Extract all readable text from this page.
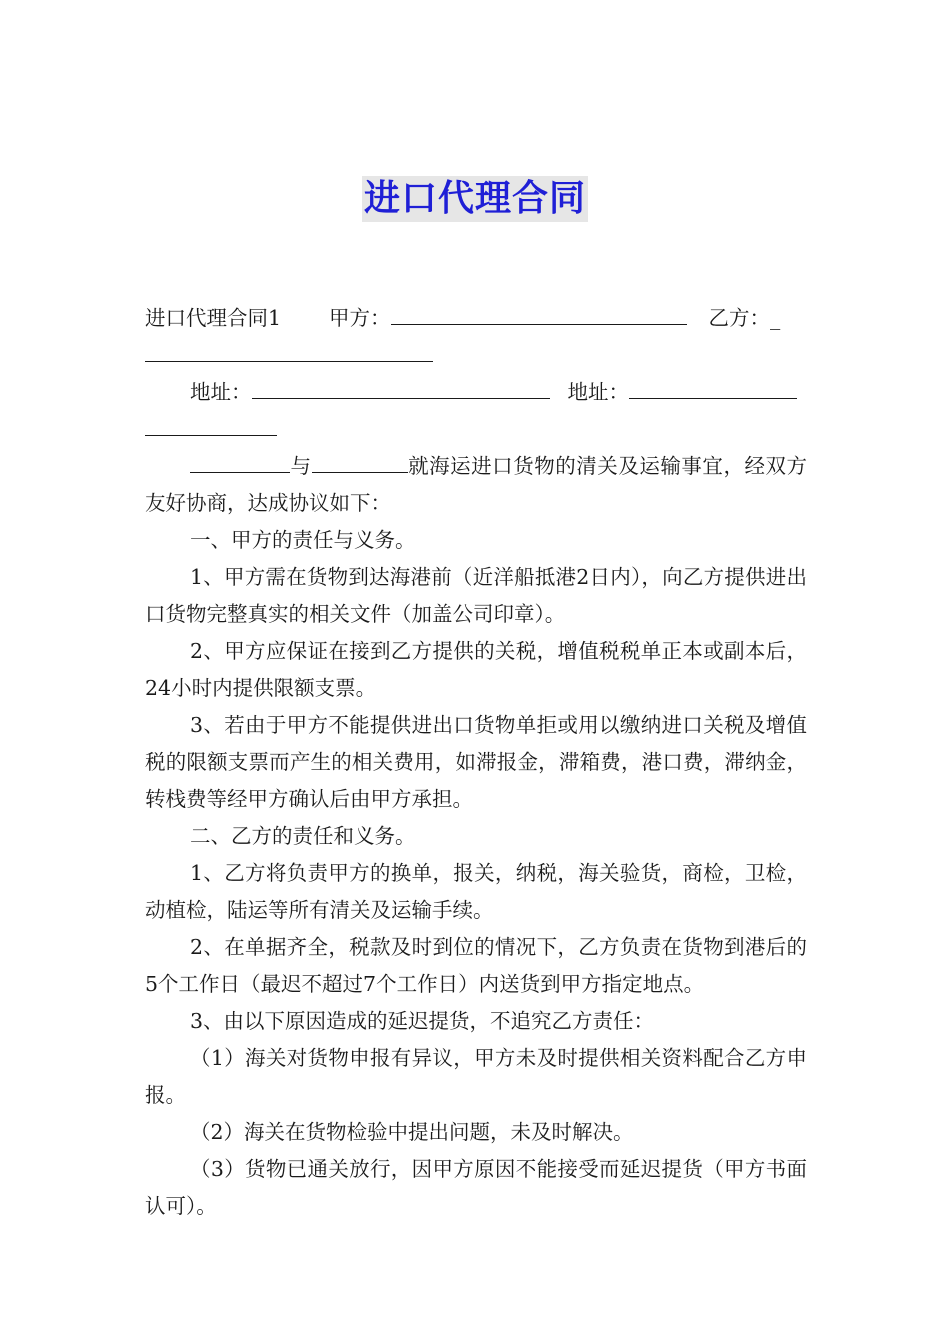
进口代理合同

进口代理合同1 甲方：	乙方：_

地址：	地址：

与	就海运进口货物的清关及运输事宜，经双方友好协商，达成协议如下：

一、甲方的责任与义务。

1、甲方需在货物到达海港前（近洋船抵港2日内），向乙方提供进出口货物完整真实的相关文件（加盖公司印章）。

2、甲方应保证在接到乙方提供的关税，增值税税单正本或副本后，24小时内提供限额支票。

3、若由于甲方不能提供进出口货物单拒或用以缴纳进口关税及增值税的限额支票而产生的相关费用，如滞报金，滞箱费，港口费，滞纳金，转栈费等经甲方确认后由甲方承担。

二、乙方的责任和义务。

1、乙方将负责甲方的换单，报关，纳税，海关验货，商检，卫检，动植检，陆运等所有清关及运输手续。

2、在单据齐全，税款及时到位的情况下，乙方负责在货物到港后的5个工作日（最迟不超过7个工作日）内送货到甲方指定地点。

3、由以下原因造成的延迟提货，不追究乙方责任：

（1）海关对货物申报有异议，甲方未及时提供相关资料配合乙方申报。

（2）海关在货物检验中提出问题，未及时解决。

（3）货物已通关放行，因甲方原因不能接受而延迟提货（甲方书面认可）。
